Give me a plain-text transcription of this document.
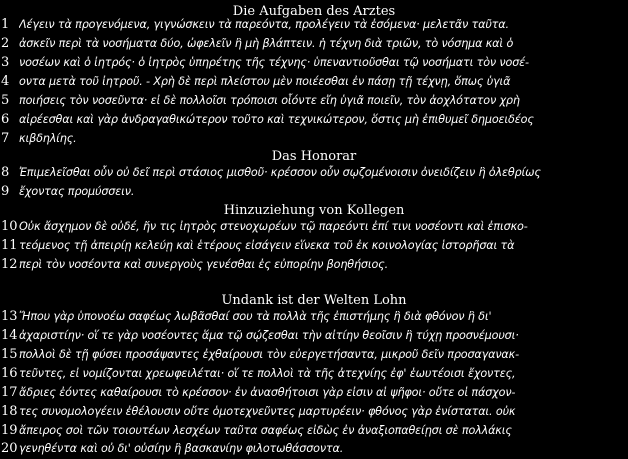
Die Aufgaben des Arztes
1 Λέγειν τὰ προγενόμενα, γιγνώσκειν τὰ παρεόντα, προλέγειν τὰ ἐσόμενα· μελετᾶν ταῦτα.
2 ἀσκεῖν περὶ τὰ νοσήματα δύο, ὠφελεῖν ἢ μὴ βλάπτειν. ἡ τέχνη διὰ τριῶν, τὸ νόσημα καὶ ὁ
3 νοσέων καὶ ὁ ἰητρός· ὁ ἰητρὸς ὑπηρέτης τῆς τέχνης· ὑπεναντιοῦσθαι τῷ νοσήματι τὸν νοσέ-
4 οντα μετὰ τοῦ ἰητροῦ. - Χρὴ δὲ περὶ πλείστου μὲν ποιέεσθαι ἐν πάσῃ τῇ τέχνῃ, ὅπως ὑγιᾶ
5 ποιήσεις τὸν νοσεῦντα· εἰ δὲ πολλοῖσι τρόποισι οἷόντε εἴη ὑγιᾶ ποιεῖν, τὸν ἀοχλότατον χρὴ
6 αἱρέεσθαι καὶ γὰρ ἀνδραγαθικώτερον τοῦτο καὶ τεχνικώτερον, ὅστις μὴ ἐπιθυμεῖ δημοειδέος
7 κιβδηλίης.
Das Honorar
8 Ἐπιμελεῖσθαι οὖν οὐ δεῖ περὶ στάσιος μισθοῦ· κρέσσον οὖν σῳζομένοισιν ὀνειδίζειν ἢ ὀλεθρίως
9 ἔχοντας προμύσσειν.
Hinzuziehung von Kollegen
10 Οὐκ ἄσχημον δὲ οὐδέ, ἤν τις ἰητρὸς στενοχωρέων τῷ παρεόντι ἐπί τινι νοσέοντι καὶ ἐπισκο-
11 τεόμενος τῇ ἀπειρίῃ κελεύῃ καὶ ἑτέρους εἰσάγειν εἵνεκα τοῦ ἐκ κοινολογίας ἱστορῆσαι τὰ
12 περὶ τὸν νοσέοντα καὶ συνεργοὺς γενέσθαι ἐς εὐπορίην βοηθήσιος.
Undank ist der Welten Lohn
13 Ἤπου γὰρ ὑπονοέω σαφέως λωβᾶσθαί σου τὰ πολλὰ τῆς ἐπιστήμης ἢ διὰ φθόνον ἢ δι'
14 ἀχαριστίην· οἵ τε γὰρ νοσέοντες ἅμα τῷ σῴζεσθαι τὴν αἰτίην θεοῖσιν ἢ τύχῃ προσνέμουσι·
15 πολλοὶ δὲ τῇ φύσει προσάψαντες ἐχθαίρουσι τὸν εὐεργετήσαντα, μικροῦ δεῖν προσαγανακ-
16 τεῦντες, εἰ νομίζονται χρεωφειλέται· οἵ τε πολλοὶ τὰ τῆς ἀτεχνίης ἐφ' ἑωυτέοισι ἔχοντες,
17 ἄδριες ἐόντες καθαίρουσι τὸ κρέσσον· ἐν ἀνασθήτοισι γὰρ εἰσιν αἱ ψῆφοι· οὔτε οἱ πάσχον-
18 τες συνομολογέειν ἐθέλουσιν οὔτε ὁμοτεχνεῦντες μαρτυρέειν· φθόνος γὰρ ἐνίσταται. οὐκ
19 ἄπειρος σοὶ τῶν τοιουτέων λεσχέων ταῦτα σαφέως εἰδὼς ἐν ἀναξιοπαθείῃσι σὲ πολλάκις
20 γενηθέντα καὶ οὐ δι' οὐσίην ἢ βασκανίην φιλοτωθάσσοντα.
